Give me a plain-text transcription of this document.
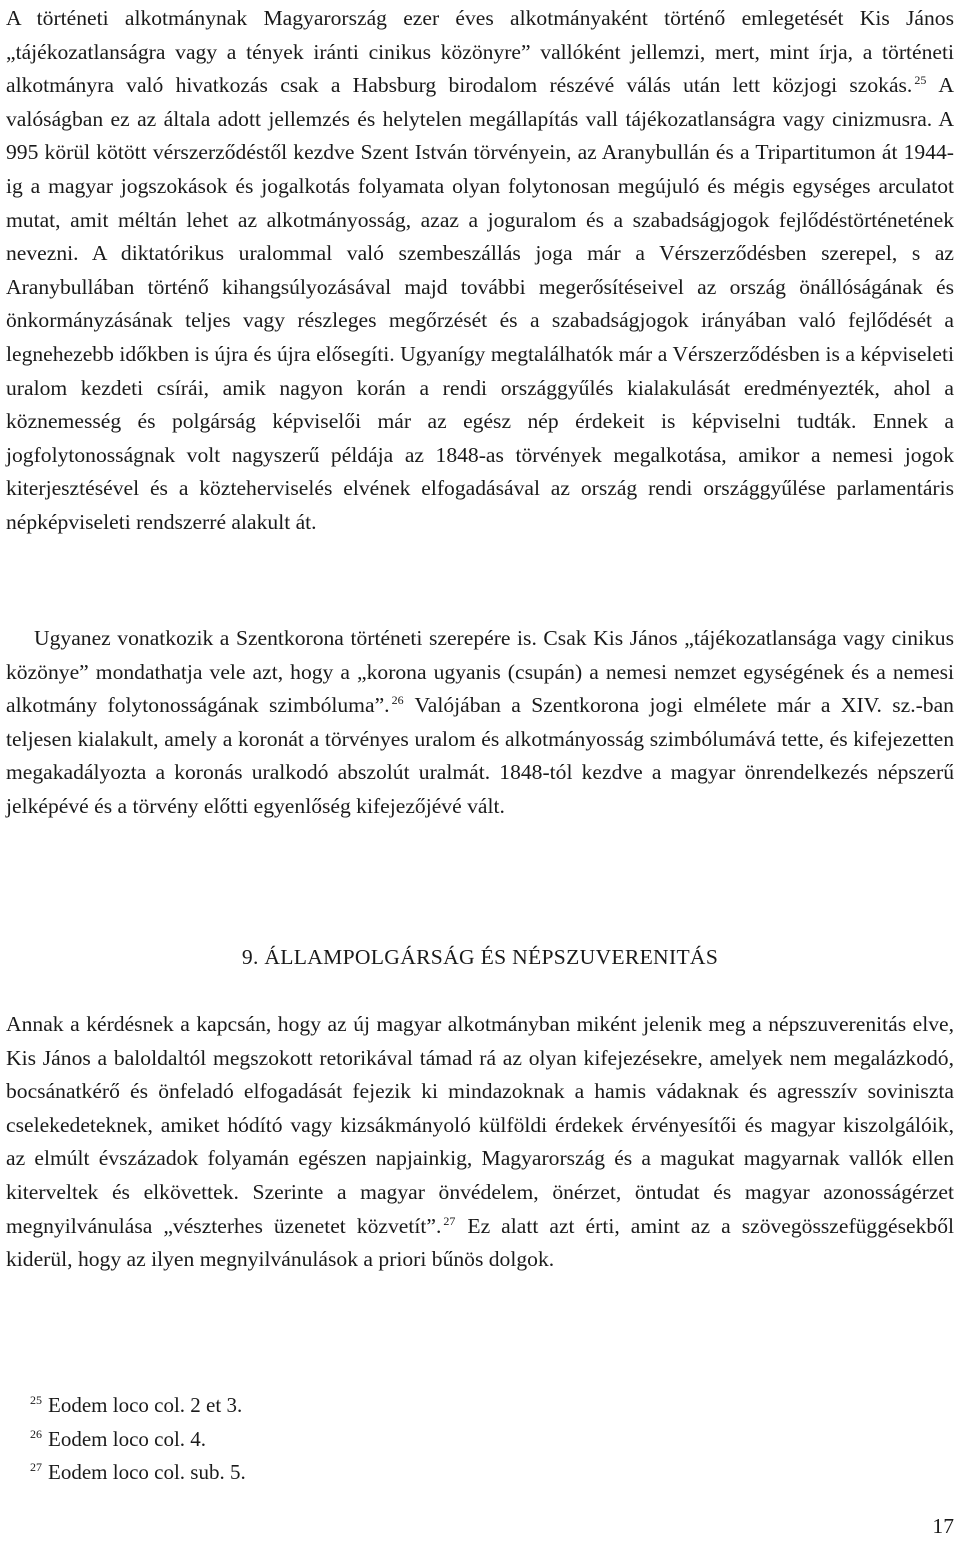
A történeti alkotmánynak Magyarország ezer éves alkotmányaként történő emlegetését Kis János „tájékozatlanságra vagy a tények iránti cinikus közönyre” vallóként jellemzi, mert, mint írja, a történeti alkotmányra való hivatkozás csak a Habsburg birodalom részévé válás után lett közjogi szokás. $^{25}$ A valóságban ez az általa adott jellemzés és helytelen megállapítás vall tájékozatlanságra vagy cinizmusra. A 995 körül kötött vérszerződéstől kezdve Szent István törvényein, az Aranybullán és a Tripartitumon át 1944-ig a magyar jogszokások és jogalkotás folyamata olyan folytonosan megújuló és mégis egységes arculatot mutat, amit méltán lehet az alkotmányosság, azaz a joguralom és a szabadságjogok fejlődéstörténetének nevezni. A diktatórikus uralommal való szembeszállás joga már a Vérszerződésben szerepel, s az Aranybullában történő kihangsúlyozásával majd további megerősítéseivel az ország önállóságának és önkormányzásának teljes vagy részleges megőrzését és a szabadságjogok irányában való fejlődését a legnehezebb időkben is újra és újra elősegíti. Ugyanígy megtalálhatók már a Vérszerződésben is a képviseleti uralom kezdeti csírái, amik nagyon korán a rendi országgyűlés kialakulását eredményezték, ahol a köznemesség és polgárság képviselői már az egész nép érdekeit is képviselni tudták. Ennek a jogfolytonosságnak volt nagyszerű példája az 1848-as törvények megalkotása, amikor a nemesi jogok kiterjesztésével és a közteherviselés elvének elfogadásával az ország rendi országgyűlése parlamentáris népképviseleti rendszerré alakult át.

Ugyanez vonatkozik a Szentkorona történeti szerepére is. Csak Kis János „tájékozatlansága vagy cinikus közönye” mondathatja vele azt, hogy a „korona ugyanis (csupán) a nemesi nemzet egységének és a nemesi alkotmány folytonosságának szimbóluma”. $^{26}$ Valójában a Szentkorona jogi elmélete már a XIV. sz.-ban teljesen kialakult, amely a koronát a törvényes uralom és alkotmányosság szimbólumává tette, és kifejezetten megakadályozta a koronás uralkodó abszolút uralmát. 1848-tól kezdve a magyar önrendelkezés népszerű jelképévé és a törvény előtti egyenlőség kifejezőjévé vált.

9. ÁLLAMPOLGÁRSÁG ÉS NÉPSZUVERENITÁS

Annak a kérdésnek a kapcsán, hogy az új magyar alkotmányban miként jelenik meg a népszuverenitás elve, Kis János a baloldaltól megszokott retorikával támad rá az olyan kifejezésekre, amelyek nem megalázkodó, bocsánatkérő és önfeladó elfogadását fejezik ki mindazoknak a hamis vádaknak és agresszív soviniszta cselekedeteknek, amiket hódító vagy kizsákmányoló külföldi érdekek érvényesítői és magyar kiszolgálóik, az elmúlt évszázadok folyamán egészen napjainkig, Magyarország és a magukat magyarnak vallók ellen kiterveltek és elkövettek. Szerinte a magyar önvédelem, önérzet, öntudat és magyar azonosságérzet megnyilvánulása „vészterhes üzenetet közvetít”. $^{27}$ Ez alatt azt érti, amint az a szövegösszefüggésekből kiderül, hogy az ilyen megnyilvánulások a priori bűnös dolgok.

25 Eodem loco col. 2 et 3.
26 Eodem loco col. 4.
27 Eodem loco col. sub. 5.
17
